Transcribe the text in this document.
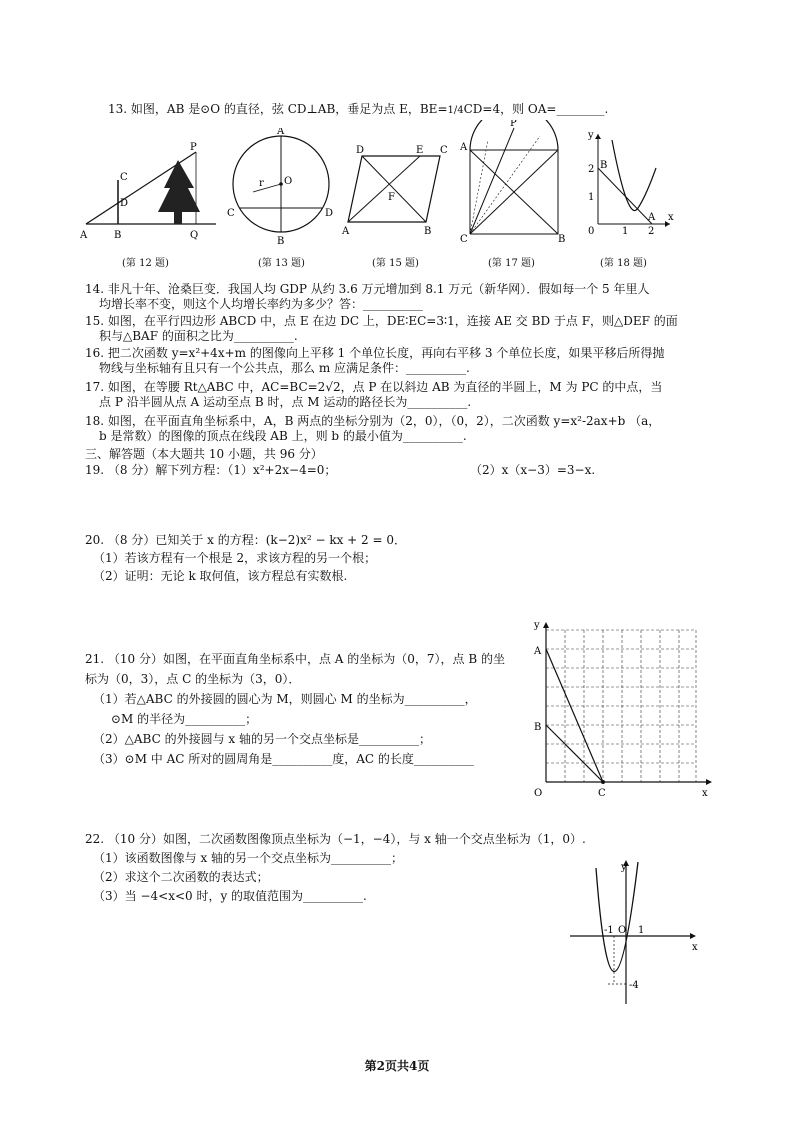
13. 如图，AB 是⊙O 的直径，弦 CD⊥AB，垂足为点 E，BE=1/4CD=4，则 OA=________.
A	B
C
D
P
Q
(第 12 题)
A
B
C	D
O
r
(第 13 题)
D	E C
A	B
F
(第 15 题)
P
A
C	B
(第 17 题)
y
x
B
A
0	1 2
1
2
(第 18 题)
14. 非凡十年、沧桑巨变．我国人均 GDP 从约 3.6 万元增加到 8.1 万元（新华网）．假如每一个 5 年里人
均增长率不变，则这个人均增长率约为多少？答：__________
15. 如图，在平行四边形 ABCD 中，点 E 在边 DC 上，DE∶EC=3∶1，连接 AE 交 BD 于点 F，则△DEF 的面
积与△BAF 的面积之比为__________.
16. 把二次函数 y=x²+4x+m 的图像向上平移 1 个单位长度，再向右平移 3 个单位长度，如果平移后所得抛
物线与坐标轴有且只有一个公共点，那么 m 应满足条件：__________.
17. 如图，在等腰 Rt△ABC 中，AC=BC=2√2，点 P 在以斜边 AB 为直径的半圆上，M 为 PC 的中点，当
点 P 沿半圆从点 A 运动至点 B 时，点 M 运动的路径长为__________.
18. 如图，在平面直角坐标系中，A，B 两点的坐标分别为（2，0），（0，2），二次函数 y=x²-2ax+b （a，
b 是常数）的图像的顶点在线段 AB 上，则 b 的最小值为__________.
三、解答题（本大题共 10 小题，共 96 分）
19. （8 分）解下列方程：（1）x²+2x−4=0；	（2）x（x−3）=3−x.
20. （8 分）已知关于 x 的方程：(k−2)x² − kx + 2 = 0．
（1）若该方程有一个根是 2，求该方程的另一个根；
（2）证明：无论 k 取何值，该方程总有实数根.
21. （10 分）如图，在平面直角坐标系中，点 A 的坐标为（0，7），点 B 的坐
标为（0，3），点 C 的坐标为（3，0）．
（1）若△ABC 的外接圆的圆心为 M，则圆心 M 的坐标为__________，
⊙M 的半径为__________；
（2）△ABC 的外接圆与 x 轴的另一个交点坐标是__________；
（3）⊙M 中 AC 所对的圆周角是__________度，AC 的长度__________
y
x
A
B
C
O
22. （10 分）如图，二次函数图像顶点坐标为（−1，−4），与 x 轴一个交点坐标为（1，0）.
（1）该函数图像与 x 轴的另一个交点坐标为__________；
（2）求这个二次函数的表达式；
（3）当 −4<x<0 时，y 的取值范围为__________.
y
x
-1 O 1
-4
第2页共4页
